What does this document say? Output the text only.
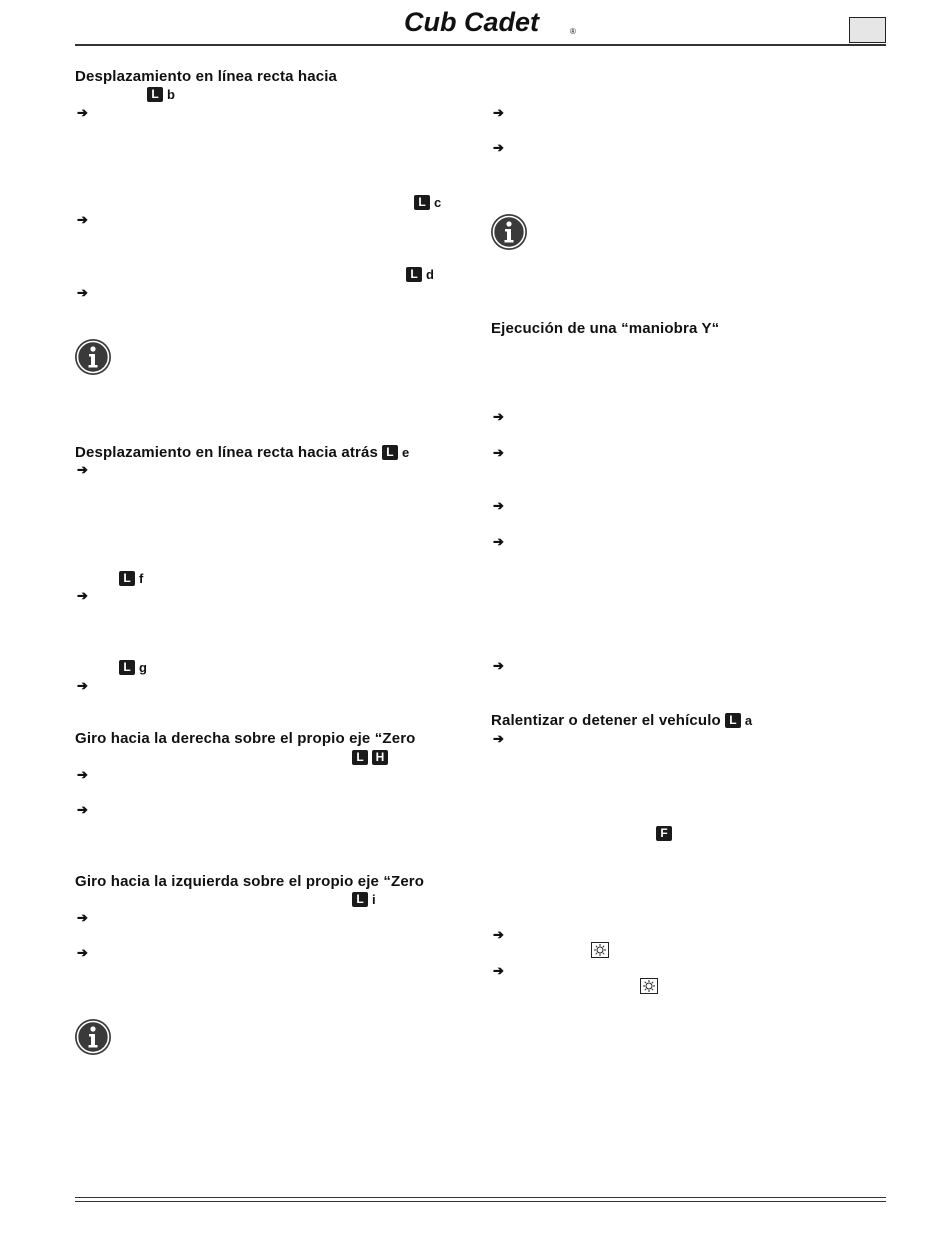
Cub Cadet	®
Desplazamiento en línea recta hacia
L b
➔
L c
➔
L d
➔
Desplazamiento en línea recta hacia atrás L e
➔
L f
➔
L g
➔
Giro hacia la derecha sobre el propio eje “Zero
L H
➔
➔
Giro hacia la izquierda sobre el propio eje “Zero
L i
➔
➔
➔
➔
Ejecución de una “maniobra Y“
➔
➔
➔
➔
➔
Ralentizar o detener el vehículo L a
➔
F
➔
➔
